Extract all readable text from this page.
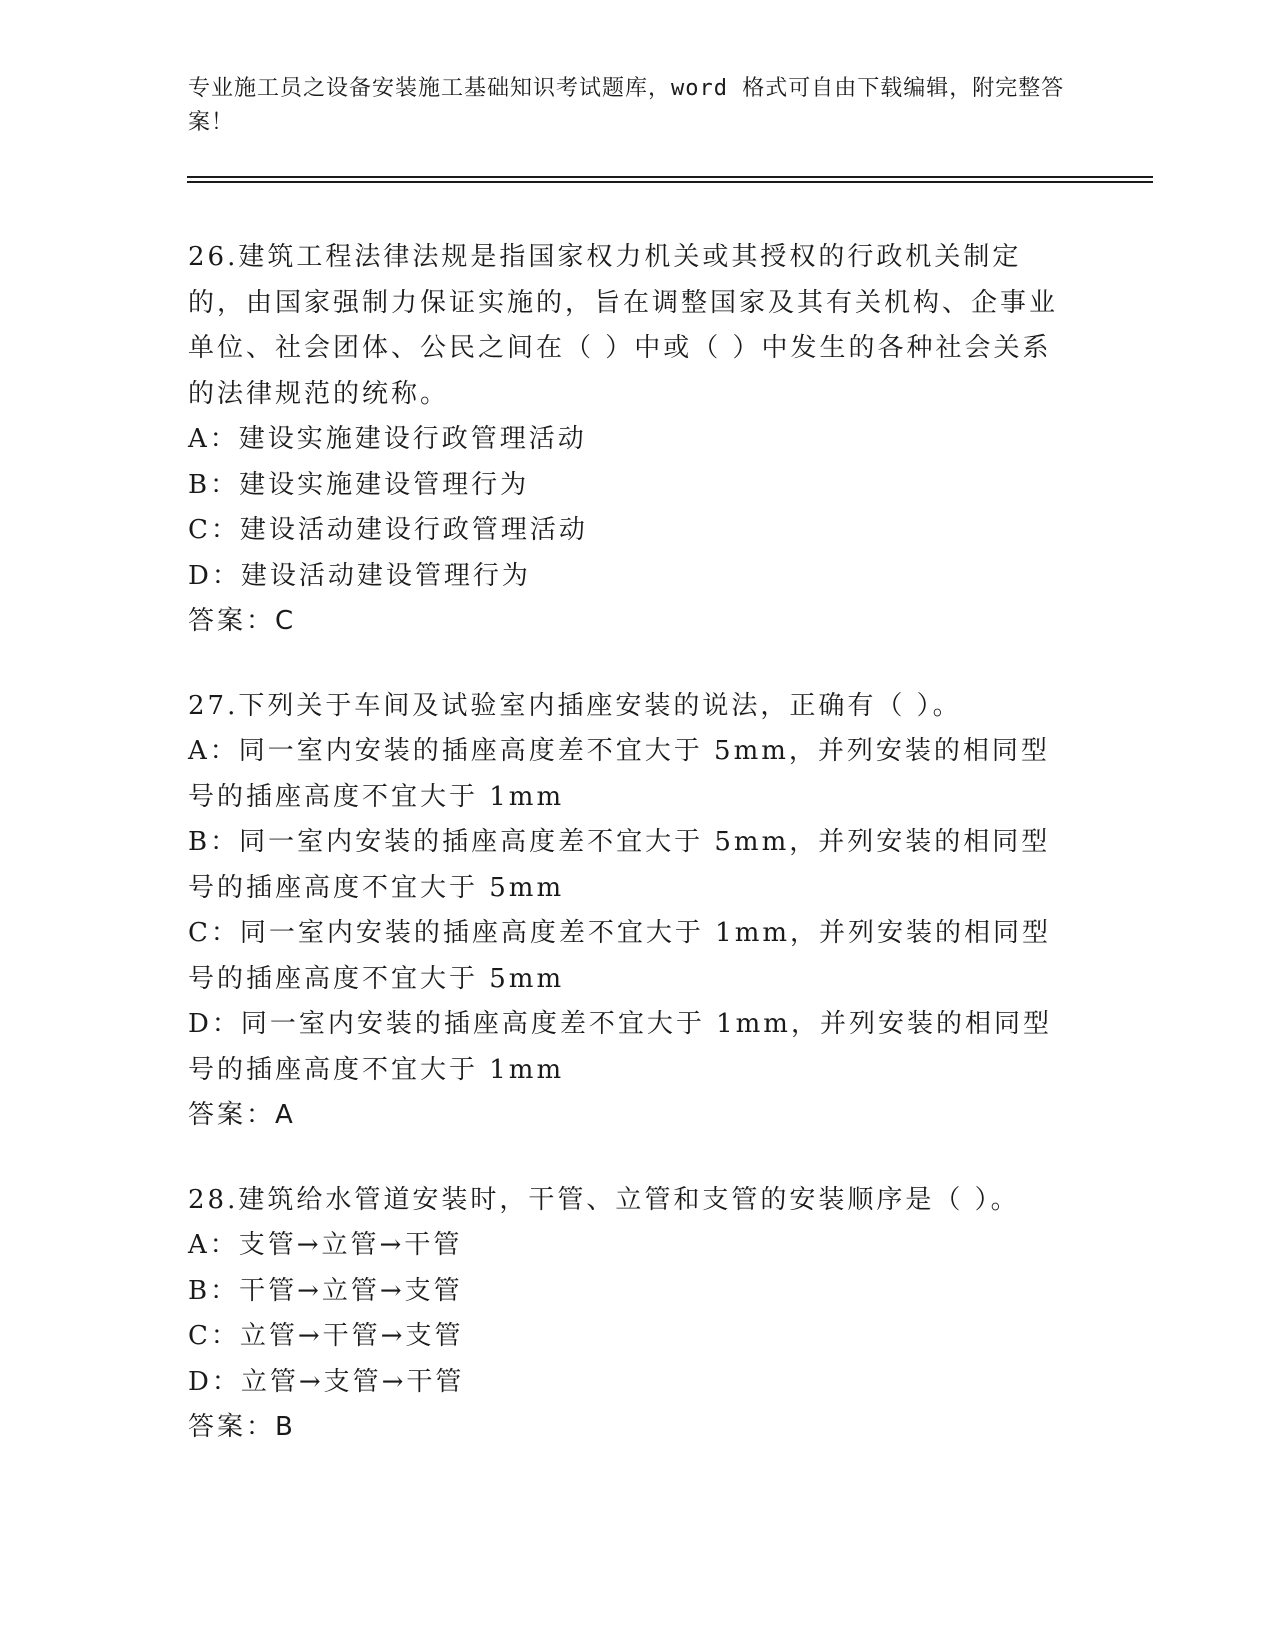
专业施工员之设备安装施工基础知识考试题库，word 格式可自由下载编辑，附完整答案！
26.建筑工程法律法规是指国家权力机关或其授权的行政机关制定的，由国家强制力保证实施的，旨在调整国家及其有关机构、企事业单位、社会团体、公民之间在（ ）中或（ ）中发生的各种社会关系的法律规范的统称。
A：建设实施建设行政管理活动
B：建设实施建设管理行为
C：建设活动建设行政管理活动
D：建设活动建设管理行为
答案：C
27.下列关于车间及试验室内插座安装的说法，正确有（ ）。
A：同一室内安装的插座高度差不宜大于 5mm，并列安装的相同型号的插座高度不宜大于 1mm
B：同一室内安装的插座高度差不宜大于 5mm，并列安装的相同型号的插座高度不宜大于 5mm
C：同一室内安装的插座高度差不宜大于 1mm，并列安装的相同型号的插座高度不宜大于 5mm
D：同一室内安装的插座高度差不宜大于 1mm，并列安装的相同型号的插座高度不宜大于 1mm
答案：A
28.建筑给水管道安装时，干管、立管和支管的安装顺序是（ ）。
A：支管→立管→干管
B：干管→立管→支管
C：立管→干管→支管
D：立管→支管→干管
答案：B
